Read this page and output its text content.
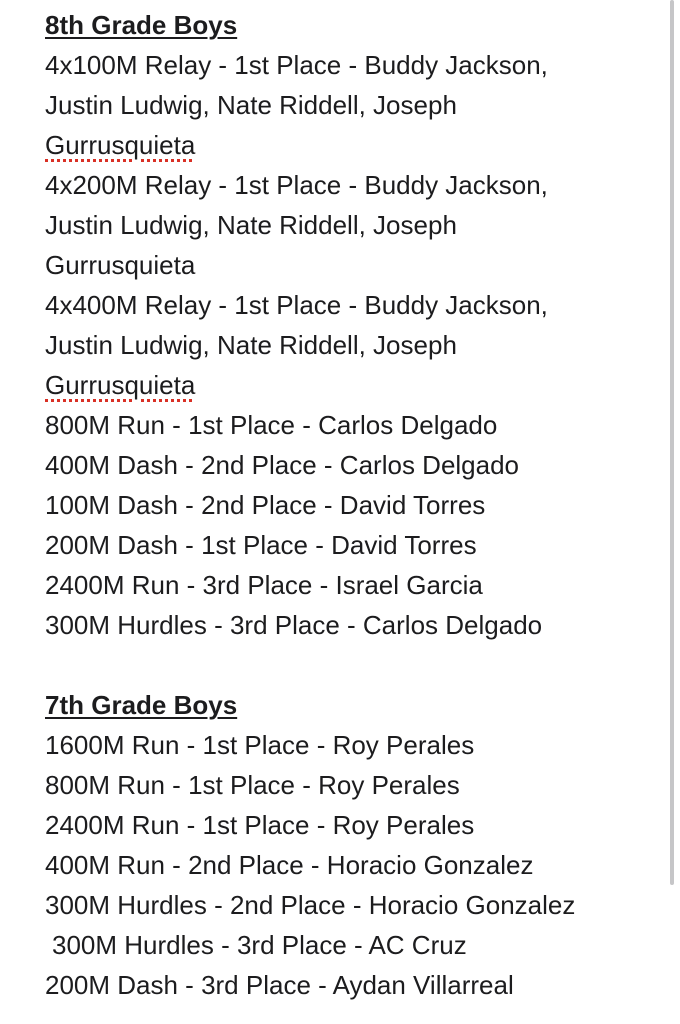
8th Grade Boys
4x100M Relay - 1st Place - Buddy Jackson,
Justin Ludwig, Nate Riddell, Joseph
Gurrusquieta
4x200M Relay - 1st Place - Buddy Jackson,
Justin Ludwig, Nate Riddell, Joseph
Gurrusquieta
4x400M Relay - 1st Place - Buddy Jackson,
Justin Ludwig, Nate Riddell, Joseph
Gurrusquieta
800M Run - 1st Place - Carlos Delgado
400M Dash - 2nd Place - Carlos Delgado
100M Dash - 2nd Place - David Torres
200M Dash - 1st Place - David Torres
2400M Run - 3rd Place - Israel Garcia
300M Hurdles - 3rd Place - Carlos Delgado
7th Grade Boys
1600M Run - 1st Place - Roy Perales
800M Run - 1st Place - Roy Perales
2400M Run - 1st Place - Roy Perales
400M Run - 2nd Place - Horacio Gonzalez
300M Hurdles - 2nd Place - Horacio Gonzalez
300M Hurdles - 3rd Place - AC Cruz
200M Dash - 3rd Place - Aydan Villarreal
